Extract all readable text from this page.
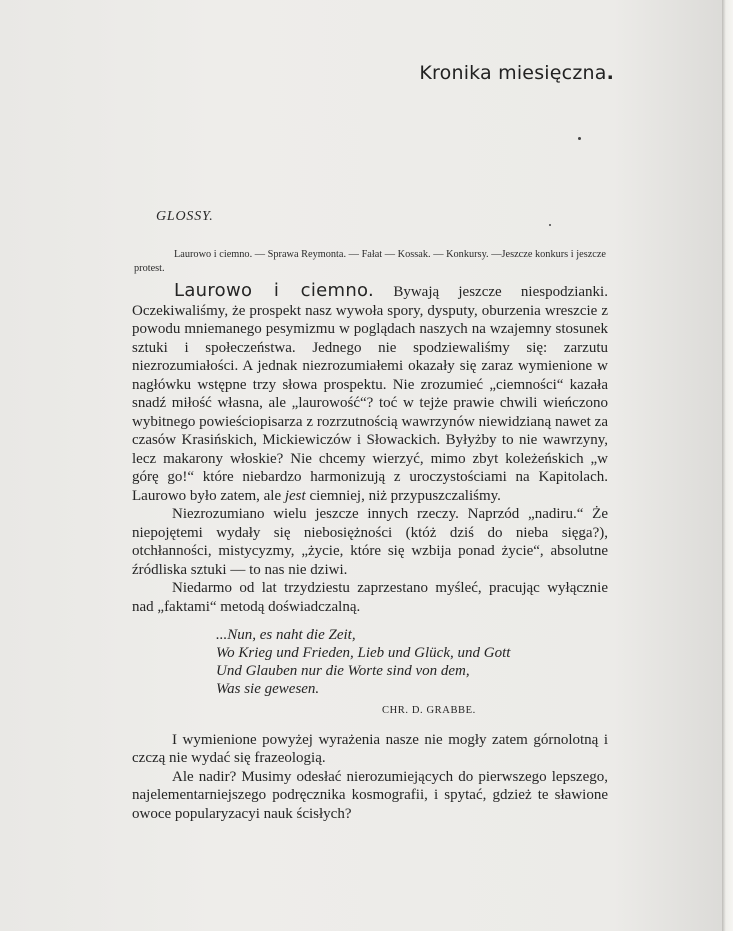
Kronika miesięczna.
GLOSSY.
Laurowo i ciemno. — Sprawa Reymonta. — Fałat — Kossak. — Konkursy. —Jeszcze konkurs i jeszcze protest.

Laurowo i ciemno. Bywają jeszcze niespodzianki. Oczekiwaliśmy, że prospekt nasz wywoła spory, dysputy, oburzenia wreszcie z powodu mniemanego pesymizmu w poglądach naszych na wzajemny stosunek sztuki i społeczeństwa. Jednego nie spodziewaliśmy się: zarzutu niezrozumiałości. A jednak niezrozumiałemi okazały się zaraz wymienione w nagłówku wstępne trzy słowa prospektu. Nie zrozumieć „ciemności“ kazała snadź miłość własna, ale „laurowość“? toć w tejże prawie chwili wieńczono wybitnego powieściopisarza z rozrzutnością wawrzynów niewidzianą nawet za czasów Krasińskich, Mickiewiczów i Słowackich. Byłyżby to nie wawrzyny, lecz makarony włoskie? Nie chcemy wierzyć, mimo zbyt koleżeńskich „w górę go!“ które niebardzo harmonizują z uroczystościami na Kapitolach. Laurowo było zatem, ale jest ciemniej, niż przypuszczaliśmy.

Niezrozumiano wielu jeszcze innych rzeczy. Naprzód „nadiru.“ Że niepojętemi wydały się niebosiężności (któż dziś do nieba sięga?), otchłanności, mistycyzmy, „życie, które się wzbija ponad życie“, absolutne źródliska sztuki — to nas nie dziwi.

Niedarmo od lat trzydziestu zaprzestano myśleć, pracując wyłącznie nad „faktami“ metodą doświadczalną.

...Nun, es naht die Zeit,
Wo Krieg und Frieden, Lieb und Glück, und Gott
Und Glauben nur die Worte sind von dem,
Was sie gewesen.
CHR. D. GRABBE.

I wymienione powyżej wyrażenia nasze nie mogły zatem górnolotną i czczą nie wydać się frazeologią.

Ale nadir? Musimy odesłać nierozumiejących do pierwszego lepszego, najelementarniejszego podręcznika kosmografii, i spytać, gdzież te sławione owoce popularyzacyi nauk ścisłych?
